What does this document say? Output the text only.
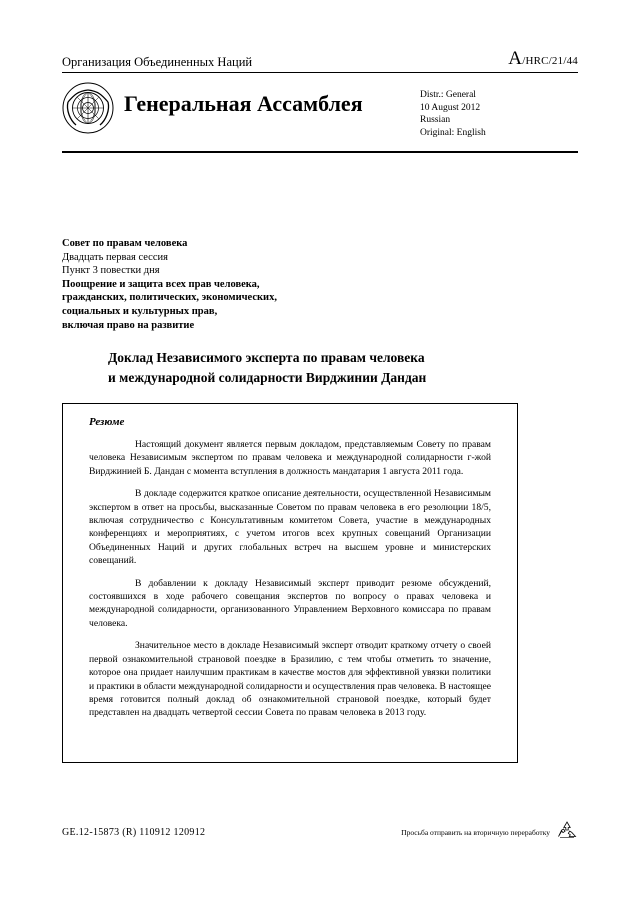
Организация Объединенных Наций	A/HRC/21/44
Генеральная Ассамблея	Distr.: General
10 August 2012
Russian
Original: English
Совет по правам человека
Двадцать первая сессия
Пункт 3 повестки дня
Поощрение и защита всех прав человека,
гражданских, политических, экономических,
социальных и культурных прав,
включая право на развитие
Доклад Независимого эксперта по правам человека
и международной солидарности Вирджинии Дандан
Резюме
Настоящий документ является первым докладом, представляемым Совету по правам человека Независимым экспертом по правам человека и международной солидарности г-жой Вирджинией Б. Дандан с момента вступления в должность мандатария 1 августа 2011 года.
В докладе содержится краткое описание деятельности, осуществленной Независимым экспертом в ответ на просьбы, высказанные Советом по правам человека в его резолюции 18/5, включая сотрудничество с Консультативным комитетом Совета, участие в международных конференциях и мероприятиях, с учетом итогов всех крупных совещаний Организации Объединенных Наций и других глобальных встреч на высшем уровне и министерских совещаний.
В добавлении к докладу Независимый эксперт приводит резюме обсуждений, состоявшихся в ходе рабочего совещания экспертов по вопросу о правах человека и международной солидарности, организованного Управлением Верховного комиссара по правам человека.
Значительное место в докладе Независимый эксперт отводит краткому отчету о своей первой ознакомительной страновой поездке в Бразилию, с тем чтобы отметить то значение, которое она придает наилучшим практикам в качестве мостов для эффективной увязки политики и практики в области международной солидарности и осуществления прав человека. В настоящее время готовится полный доклад об ознакомительной страновой поездке, который будет представлен на двадцать четвертой сессии Совета по правам человека в 2013 году.
GE.12-15873 (R) 110912 120912	Просьба отправить на вторичную переработку
